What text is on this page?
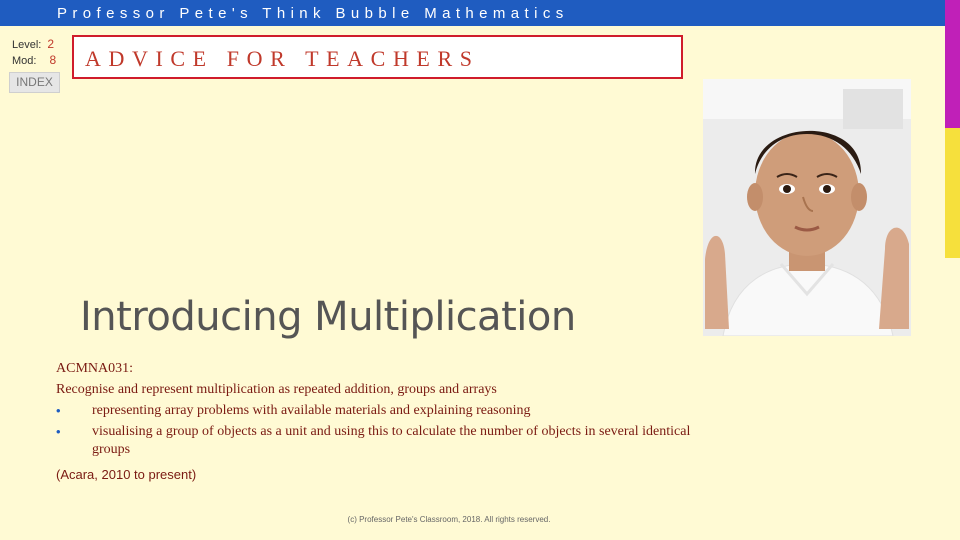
Professor Pete's Think Bubble Mathematics
Level: 2
Mod: 8
INDEX
ADVICE FOR TEACHERS
Introducing Multiplication
ACMNA031:
Recognise and represent multiplication as repeated addition, groups and arrays
• representing array problems with available materials and explaining reasoning
• visualising a group of objects as a unit and using this to calculate the number of objects in several identical groups
(Acara, 2010 to present)
(c) Professor Pete's Classroom, 2018. All rights reserved.
